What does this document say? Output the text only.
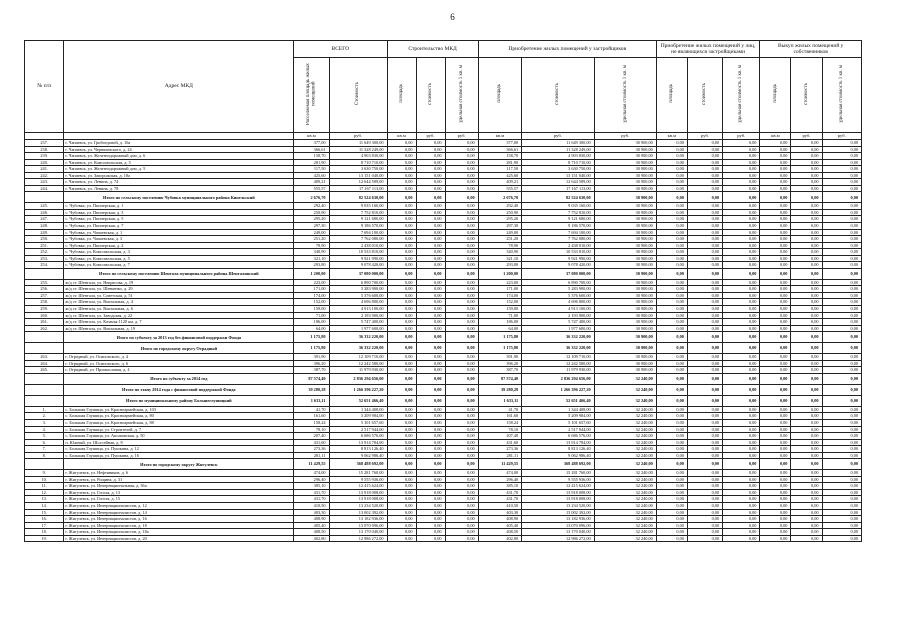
6
№ п/п	Адрес МКД	ВСЕГО		Строительство МКД			Приобретение жилых помещений у застройщиков			Приобретение жилых помещений у лиц, не являющихся застройщиками			Выкуп жилых помещений у собственников		
		Расселяемая площадь жилых помещений	Стоимость	площадь	стоимость	удельная стоимость 1 кв. м	площадь	стоимость	удельная стоимость 1 кв. м	площадь	стоимость	удельная стоимость 1 кв. м	площадь	стоимость	удельная стоимость 1 кв. м
		кв.м	руб.	кв.м	руб.	руб.	кв.м	руб.	руб.	кв.м	руб.	руб.	кв.м	руб.	руб.
237.	г. Чапаевск, ул. Грибоедовой, д. 16а	377,00	11 649 300,00	0,00	0,00	0,00	377,00	11 649 300,00	30 900,00	0,00	0,00	0,00	0,00	0,00	0,00
238.	г. Чапаевск, ул. Черняховского, д. 24	366,61	11 328 249,00	0,00	0,00	0,00	366,61	11 328 249,00	30 900,00	0,00	0,00	0,00	0,00	0,00	0,00
239.	г. Чапаевск, ул. Железнодорожный дом, д. 6	158,70	4 903 830,00	0,00	0,00	0,00	158,70	4 903 830,00	30 900,00	0,00	0,00	0,00	0,00	0,00	0,00
240.	г. Чапаевск, ул. Комсомольская, д. 5	281,90	8 710 710,00	0,00	0,00	0,00	281,90	8 710 710,00	30 900,00	0,00	0,00	0,00	0,00	0,00	0,00
241.	г. Чапаевск, ул. Железнодорожный дом, д. 5	117,50	3 630 750,00	0,00	0,00	0,00	117,50	3 630 750,00	30 900,00	0,00	0,00	0,00	0,00	0,00	0,00
242.	г. Чапаевск, ул. Запорожская, д. 18а	425,60	13 151 040,00	0,00	0,00	0,00	425,60	13 151 040,00	30 900,00	0,00	0,00	0,00	0,00	0,00	0,00
243.	г. Чапаевск, ул. Ленина, д. 74	409,21	12 644 589,00	0,00	0,00	0,00	409,21	12 644 589,00	30 900,00	0,00	0,00	0,00	0,00	0,00	0,00
244.	г. Чапаевск, ул. Ленина, д. 78	555,57	17 167 113,00	0,00	0,00	0,00	555,57	17 167 113,00	30 900,00	0,00	0,00	0,00	0,00	0,00	0,00
	Итого по сельскому поселению Чубовка муниципального района Кинельский	2 676,70	82 524 630,00	0,00	0,00	0,00	2 676,70	82 524 630,00	30 900,00	0,00	0,00	0,00	0,00	0,00	0,00
245.	с. Чубовка, ул. Пионерская, д. 1	292,40	9 035 160,00	0,00	0,00	0,00	292,40	9 035 160,00	30 900,00	0,00	0,00	0,00	0,00	0,00	0,00
246.	с. Чубовка, ул. Пионерская, д. 3	250,90	7 752 810,00	0,00	0,00	0,00	250,90	7 752 810,00	30 900,00	0,00	0,00	0,00	0,00	0,00	0,00
247.	с. Чубовка, ул. Пионерская, д. 5	295,20	9 121 680,00	0,00	0,00	0,00	295,20	9 121 680,00	30 900,00	0,00	0,00	0,00	0,00	0,00	0,00
248.	с. Чубовка, ул. Пионерская, д. 7	297,30	9 186 570,00	0,00	0,00	0,00	297,30	9 186 570,00	30 900,00	0,00	0,00	0,00	0,00	0,00	0,00
249.	с. Чубовка, ул. Чапаевская, д. 1	249,00	7 694 100,00	0,00	0,00	0,00	249,00	7 694 100,00	30 900,00	0,00	0,00	0,00	0,00	0,00	0,00
250.	с. Чубовка, ул. Чапаевская, д. 3	251,20	7 762 080,00	0,00	0,00	0,00	251,20	7 762 080,00	30 900,00	0,00	0,00	0,00	0,00	0,00	0,00
251.	с. Чубовка, ул. Пионерская, д. 2	78,90	2 438 010,00	0,00	0,00	0,00	78,90	2 438 010,00	30 900,00	0,00	0,00	0,00	0,00	0,00	0,00
252.	с. Чубовка, ул. Комсомольская, д. 3	340,90	10 533 810,00	0,00	0,00	0,00	340,90	10 533 810,00	30 900,00	0,00	0,00	0,00	0,00	0,00	0,00
253.	с. Чубовка, ул. Комсомольская, д. 5	321,10	9 921 990,00	0,00	0,00	0,00	321,10	9 921 990,00	30 900,00	0,00	0,00	0,00	0,00	0,00	0,00
254.	с. Чубовка, ул. Комсомольская, д. 7	293,80	9 078 420,00	0,00	0,00	0,00	293,80	9 078 420,00	30 900,00	0,00	0,00	0,00	0,00	0,00	0,00
	Итого по сельскому поселению Шентала муниципального района Шенталинский	1 200,00	37 080 000,00	0,00	0,00	0,00	1 200,00	37 080 000,00	30 900,00	0,00	0,00	0,00	0,00	0,00	0,00
255.	ж/д ст. Шентала, ул. Некрасова, д. 19	223,00	6 890 700,00	0,00	0,00	0,00	223,00	6 890 700,00	30 900,00	0,00	0,00	0,00	0,00	0,00	0,00
256.	ж/д ст. Шентала, ул. Шевченко, д. 29	171,00	5 283 900,00	0,00	0,00	0,00	171,00	5 283 900,00	30 900,00	0,00	0,00	0,00	0,00	0,00	0,00
257.	ж/д ст. Шентала, ул. Советская, д. 51	174,00	5 376 600,00	0,00	0,00	0,00	174,00	5 376 600,00	30 900,00	0,00	0,00	0,00	0,00	0,00	0,00
258.	ж/д ст. Шентала, ул. Вокзальная, д. 4	152,00	4 696 800,00	0,00	0,00	0,00	152,00	4 696 800,00	30 900,00	0,00	0,00	0,00	0,00	0,00	0,00
259.	ж/д ст. Шентала, ул. Вокзальная, д. 6	159,00	4 913 100,00	0,00	0,00	0,00	159,00	4 913 100,00	30 900,00	0,00	0,00	0,00	0,00	0,00	0,00
260.	ж/д ст. Шентала, ул. Заводская, д. 22	71,00	2 193 900,00	0,00	0,00	0,00	71,00	2 193 900,00	30 900,00	0,00	0,00	0,00	0,00	0,00	0,00
261.	ж/д ст. Шентала, ул. Казачья 1120 км, д. 7	186,00	5 747 400,00	0,00	0,00	0,00	186,00	5 747 400,00	30 900,00	0,00	0,00	0,00	0,00	0,00	0,00
262.	ж/д ст. Шентала, ул. Вокзальная, д. 19	64,00	1 977 600,00	0,00	0,00	0,00	64,00	1 977 600,00	30 900,00	0,00	0,00	0,00	0,00	0,00	0,00
	Итого по субъекту за 2013 год без финансовой поддержки Фонда	1 175,80	36 332 220,00	0,00	0,00	0,00	1 175,80	36 332 220,00	30 900,00	0,00	0,00	0,00	0,00	0,00	0,00
	Итого по городскому округу Отрадный	1 175,80	36 332 220,00	0,00	0,00	0,00	1 175,80	36 332 220,00	30 900,00	0,00	0,00	0,00	0,00	0,00	0,00
263.	г. Отрадный, ул. Осиповского, д. 4	391,90	12 109 710,00	0,00	0,00	0,00	391,90	12 109 710,00	30 900,00	0,00	0,00	0,00	0,00	0,00	0,00
264.	г. Отрадный, ул. Осиповского, д. 6	396,20	12 242 580,00	0,00	0,00	0,00	396,20	12 242 580,00	30 900,00	0,00	0,00	0,00	0,00	0,00	0,00
265.	г. Отрадный, ул. Промысловая, д. 4	387,70	11 979 930,00	0,00	0,00	0,00	387,70	11 979 930,00	30 900,00	0,00	0,00	0,00	0,00	0,00	0,00
	Итого по субъекту за 2014 год	87 574,40	2 836 294 656,00	0,00	0,00	0,00	87 574,40	2 836 294 656,00	32 240,00	0,00	0,00	0,00	0,00	0,00	0,00
	Итого по этапу 2014 года с финансовой поддержкой Фонда	39 280,28	1 266 396 227,20	0,00	0,00	0,00	39 280,28	1 266 396 227,20	32 240,00	0,00	0,00	0,00	0,00	0,00	0,00
	Итого по муниципальному району Большеглушицкий	1 633,11	52 651 466,40	0,00	0,00	0,00	1 633,11	52 651 466,40	32 240,00	0,00	0,00	0,00	0,00	0,00	0,00
1.	с. Большая Глушица, ул. Красноармейская, д. 103	41,70	1 344 408,00	0,00	0,00	0,00	41,70	1 344 408,00	32 240,00	0,00	0,00	0,00	0,00	0,00	0,00
2.	с. Большая Глушица, ул. Красноармейская, д. 80	161,60	5 209 984,00	0,00	0,00	0,00	161,60	5 209 984,00	32 240,00	0,00	0,00	0,00	0,00	0,00	0,00
3.	с. Большая Глушица, ул. Красноармейская, д. 88	158,24	5 101 657,60	0,00	0,00	0,00	158,24	5 101 657,60	32 240,00	0,00	0,00	0,00	0,00	0,00	0,00
4.	с. Большая Глушица, ул. Строителей, д. 7	78,10	2 517 944,00	0,00	0,00	0,00	78,10	2 517 944,00	32 240,00	0,00	0,00	0,00	0,00	0,00	0,00
5.	с. Большая Глушица, ул. Аксаковская, д. 50	207,40	6 686 576,00	0,00	0,00	0,00	207,40	6 686 576,00	32 240,00	0,00	0,00	0,00	0,00	0,00	0,00
6.	п. Южный, ул. Шоссейная, д. 8	431,60	13 914 784,00	0,00	0,00	0,00	431,60	13 914 784,00	32 240,00	0,00	0,00	0,00	0,00	0,00	0,00
7.	с. Большая Глушица, ул. Пушкина, д. 12	273,36	8 813 126,40	0,00	0,00	0,00	273,36	8 813 126,40	32 240,00	0,00	0,00	0,00	0,00	0,00	0,00
8.	с. Большая Глушица, ул. Пушкина, д. 16	281,11	9 062 986,40	0,00	0,00	0,00	281,11	9 062 986,40	32 240,00	0,00	0,00	0,00	0,00	0,00	0,00
	Итого по городскому округу Жигулевск	11 429,55	368 488 692,00	0,00	0,00	0,00	11 429,55	368 488 692,00	32 240,00	0,00	0,00	0,00	0,00	0,00	0,00
9.	г. Жигулевск, ул. Нефтяников, д. 6	474,00	15 281 760,00	0,00	0,00	0,00	474,00	15 281 760,00	32 240,00	0,00	0,00	0,00	0,00	0,00	0,00
10.	г. Жигулевск, ул. Рощина, д. 31	296,40	9 555 936,00	0,00	0,00	0,00	296,40	9 555 936,00	32 240,00	0,00	0,00	0,00	0,00	0,00	0,00
11.	г. Жигулевск, ул. Интернациональная, д. 36а	385,10	12 415 624,00	0,00	0,00	0,00	385,10	12 415 624,00	32 240,00	0,00	0,00	0,00	0,00	0,00	0,00
12.	г. Жигулевск, ул. Гоголя, д. 13	431,70	13 918 008,00	0,00	0,00	0,00	431,70	13 918 008,00	32 240,00	0,00	0,00	0,00	0,00	0,00	0,00
13.	г. Жигулевск, ул. Гоголя, д. 15	431,70	13 918 008,00	0,00	0,00	0,00	431,70	13 918 008,00	32 240,00	0,00	0,00	0,00	0,00	0,00	0,00
14.	г. Жигулевск, ул. Интернационалистов, д. 12	410,50	13 234 520,00	0,00	0,00	0,00	410,50	13 234 520,00	32 240,00	0,00	0,00	0,00	0,00	0,00	0,00
15.	г. Жигулевск, ул. Интернационалистов, д. 14	403,30	13 002 392,00	0,00	0,00	0,00	403,30	13 002 392,00	32 240,00	0,00	0,00	0,00	0,00	0,00	0,00
16.	г. Жигулевск, ул. Интернационалистов, д. 16	408,90	13 182 936,00	0,00	0,00	0,00	408,90	13 182 936,00	32 240,00	0,00	0,00	0,00	0,00	0,00	0,00
17.	г. Жигулевск, ул. Интернационалистов, д. 18	405,40	13 070 096,00	0,00	0,00	0,00	405,40	13 070 096,00	32 240,00	0,00	0,00	0,00	0,00	0,00	0,00
18.	г. Жигулевск, ул. Интернационалистов, д. 18а	408,50	13 170 040,00	0,00	0,00	0,00	408,50	13 170 040,00	32 240,00	0,00	0,00	0,00	0,00	0,00	0,00
19.	г. Жигулевск, ул. Интернационалистов, д. 20	402,80	12 986 272,00	0,00	0,00	0,00	402,80	12 986 272,00	32 240,00	0,00	0,00	0,00	0,00	0,00	0,00
